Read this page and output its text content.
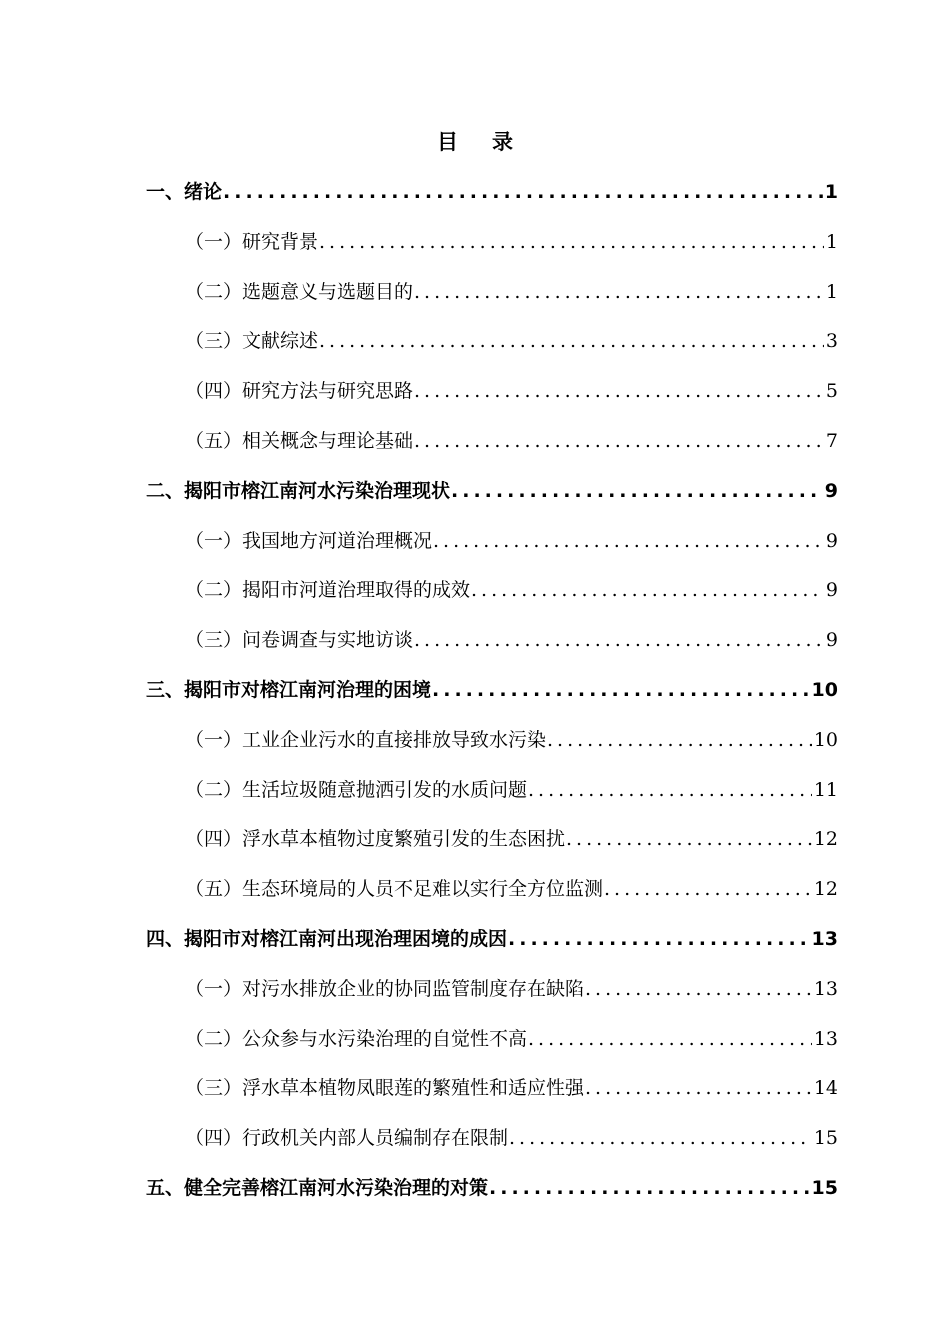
目 录
一、绪论 .....	1
（一）研究背景 .....	1
（二）选题意义与选题目的 .....	1
（三）文献综述 .....	3
（四）研究方法与研究思路 .....	5
（五）相关概念与理论基础 .....	7
二、揭阳市榕江南河水污染治理现状 .....	9
（一）我国地方河道治理概况 .....	9
（二）揭阳市河道治理取得的成效 .....	9
（三）问卷调查与实地访谈 .....	9
三、揭阳市对榕江南河治理的困境 .....	10
（一）工业企业污水的直接排放导致水污染 .....	10
（二）生活垃圾随意抛洒引发的水质问题 .....	11
（四）浮水草本植物过度繁殖引发的生态困扰 .....	12
（五）生态环境局的人员不足难以实行全方位监测 .....	12
四、揭阳市对榕江南河出现治理困境的成因 .....	13
（一）对污水排放企业的协同监管制度存在缺陷 .....	13
（二）公众参与水污染治理的自觉性不高 .....	13
（三）浮水草本植物凤眼莲的繁殖性和适应性强 .....	14
（四）行政机关内部人员编制存在限制 .....	15
五、健全完善榕江南河水污染治理的对策 .....	15
